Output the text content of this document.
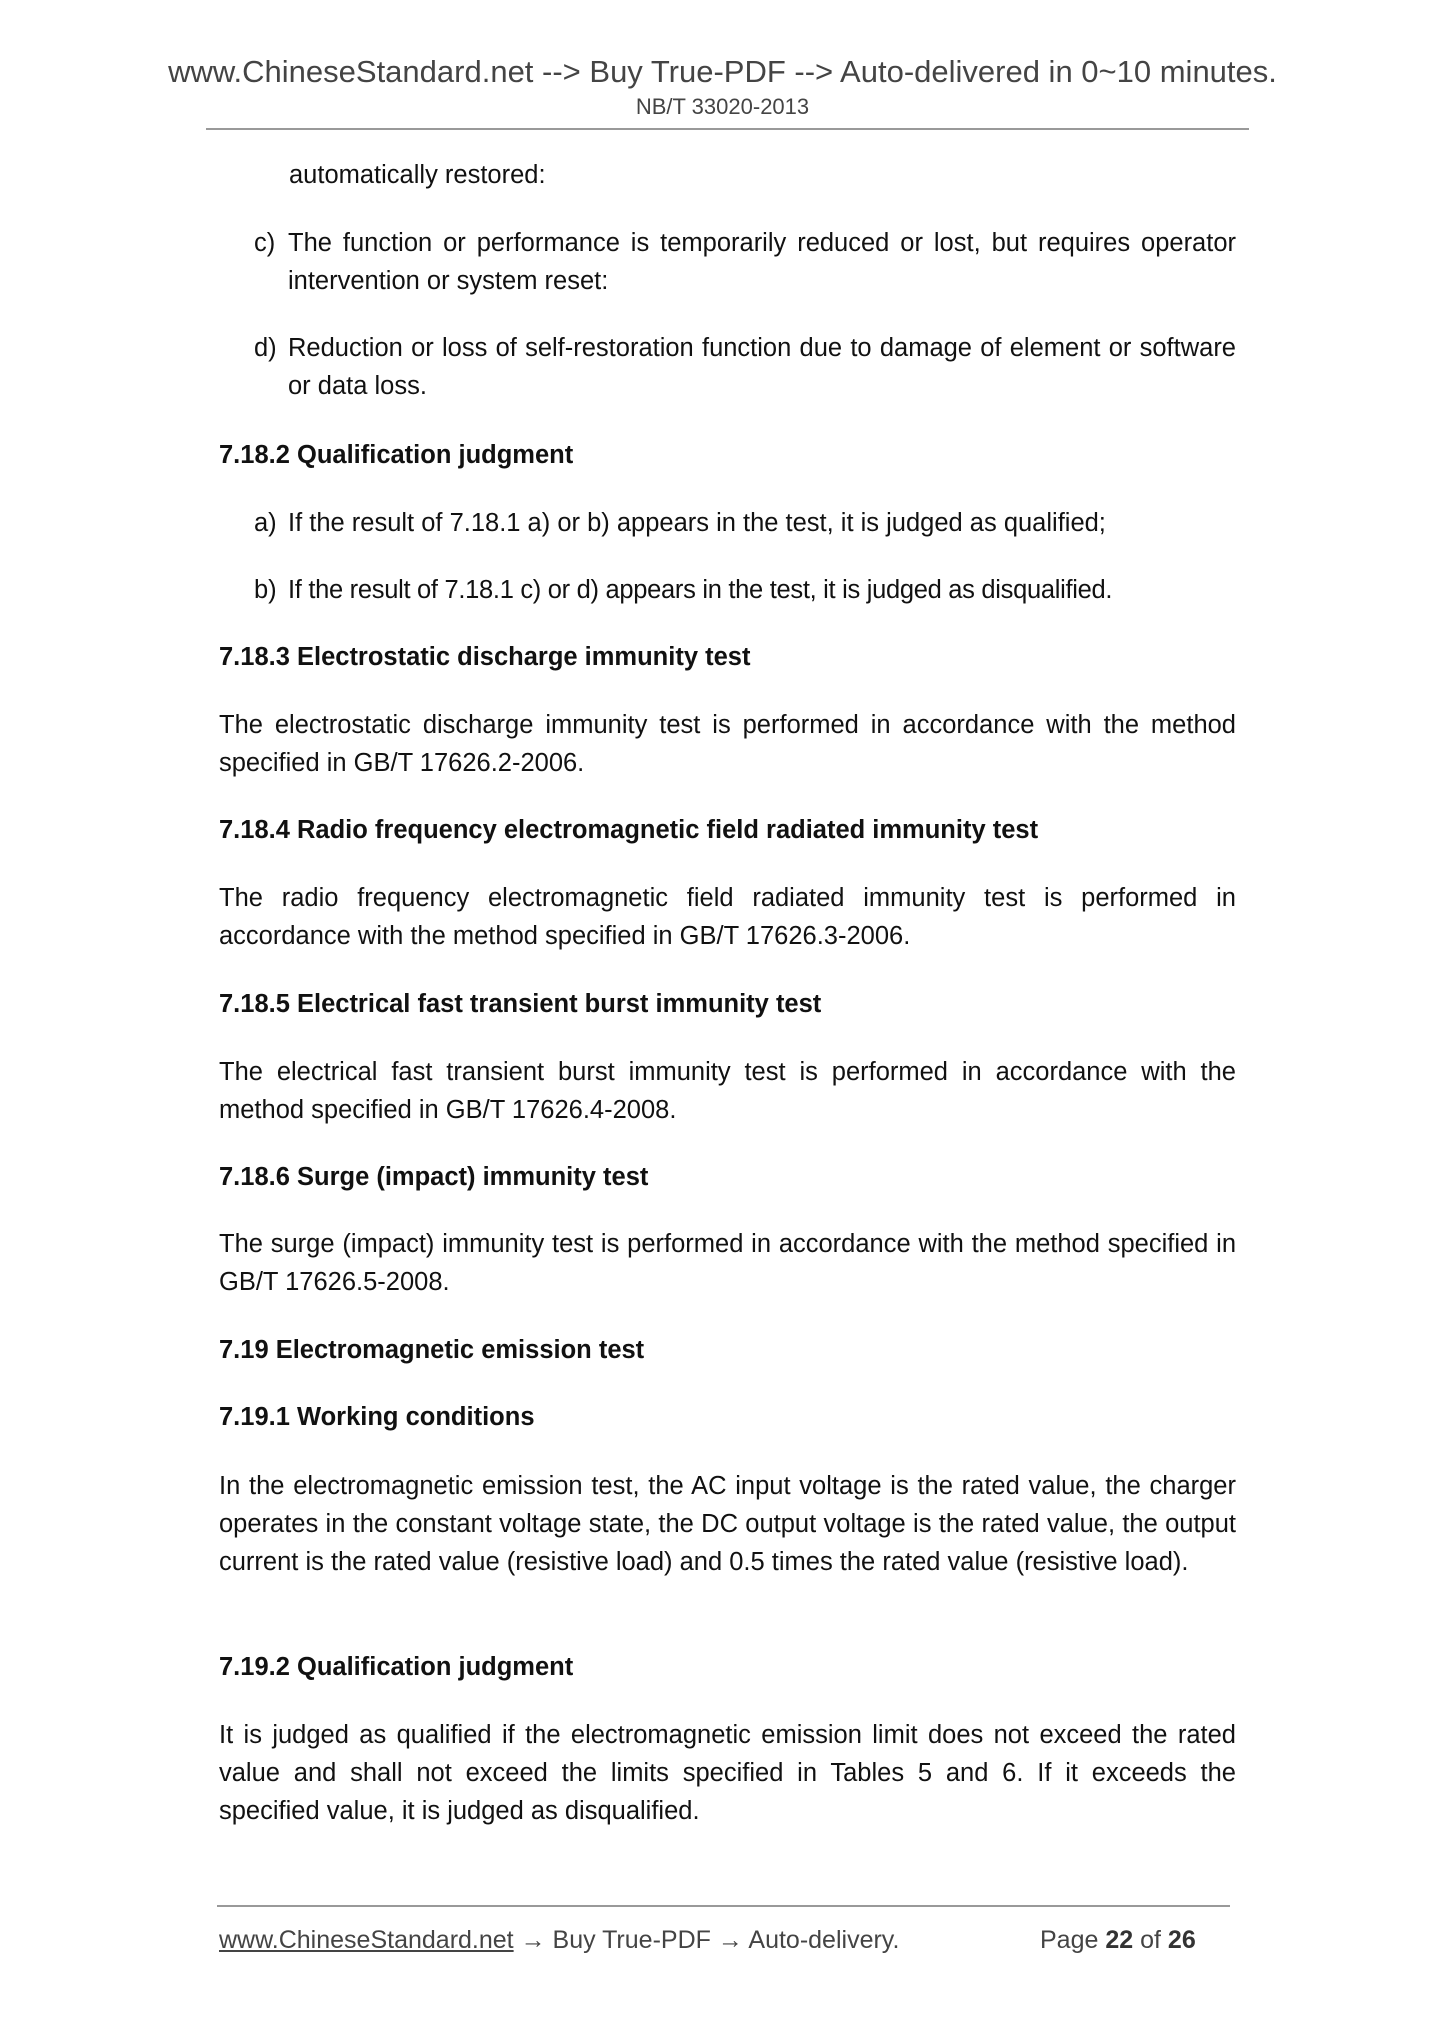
www.ChineseStandard.net --> Buy True-PDF --> Auto-delivered in 0~10 minutes.
NB/T 33020-2013
automatically restored:
c) The function or performance is temporarily reduced or lost, but requires operator intervention or system reset:
d) Reduction or loss of self-restoration function due to damage of element or software or data loss.
7.18.2 Qualification judgment
a) If the result of 7.18.1 a) or b) appears in the test, it is judged as qualified;
b) If the result of 7.18.1 c) or d) appears in the test, it is judged as disqualified.
7.18.3 Electrostatic discharge immunity test
The electrostatic discharge immunity test is performed in accordance with the method specified in GB/T 17626.2-2006.
7.18.4 Radio frequency electromagnetic field radiated immunity test
The radio frequency electromagnetic field radiated immunity test is performed in accordance with the method specified in GB/T 17626.3-2006.
7.18.5 Electrical fast transient burst immunity test
The electrical fast transient burst immunity test is performed in accordance with the method specified in GB/T 17626.4-2008.
7.18.6 Surge (impact) immunity test
The surge (impact) immunity test is performed in accordance with the method specified in GB/T 17626.5-2008.
7.19 Electromagnetic emission test
7.19.1 Working conditions
In the electromagnetic emission test, the AC input voltage is the rated value, the charger operates in the constant voltage state, the DC output voltage is the rated value, the output current is the rated value (resistive load) and 0.5 times the rated value (resistive load).
7.19.2 Qualification judgment
It is judged as qualified if the electromagnetic emission limit does not exceed the rated value and shall not exceed the limits specified in Tables 5 and 6. If it exceeds the specified value, it is judged as disqualified.
www.ChineseStandard.net → Buy True-PDF → Auto-delivery.	Page 22 of 26
